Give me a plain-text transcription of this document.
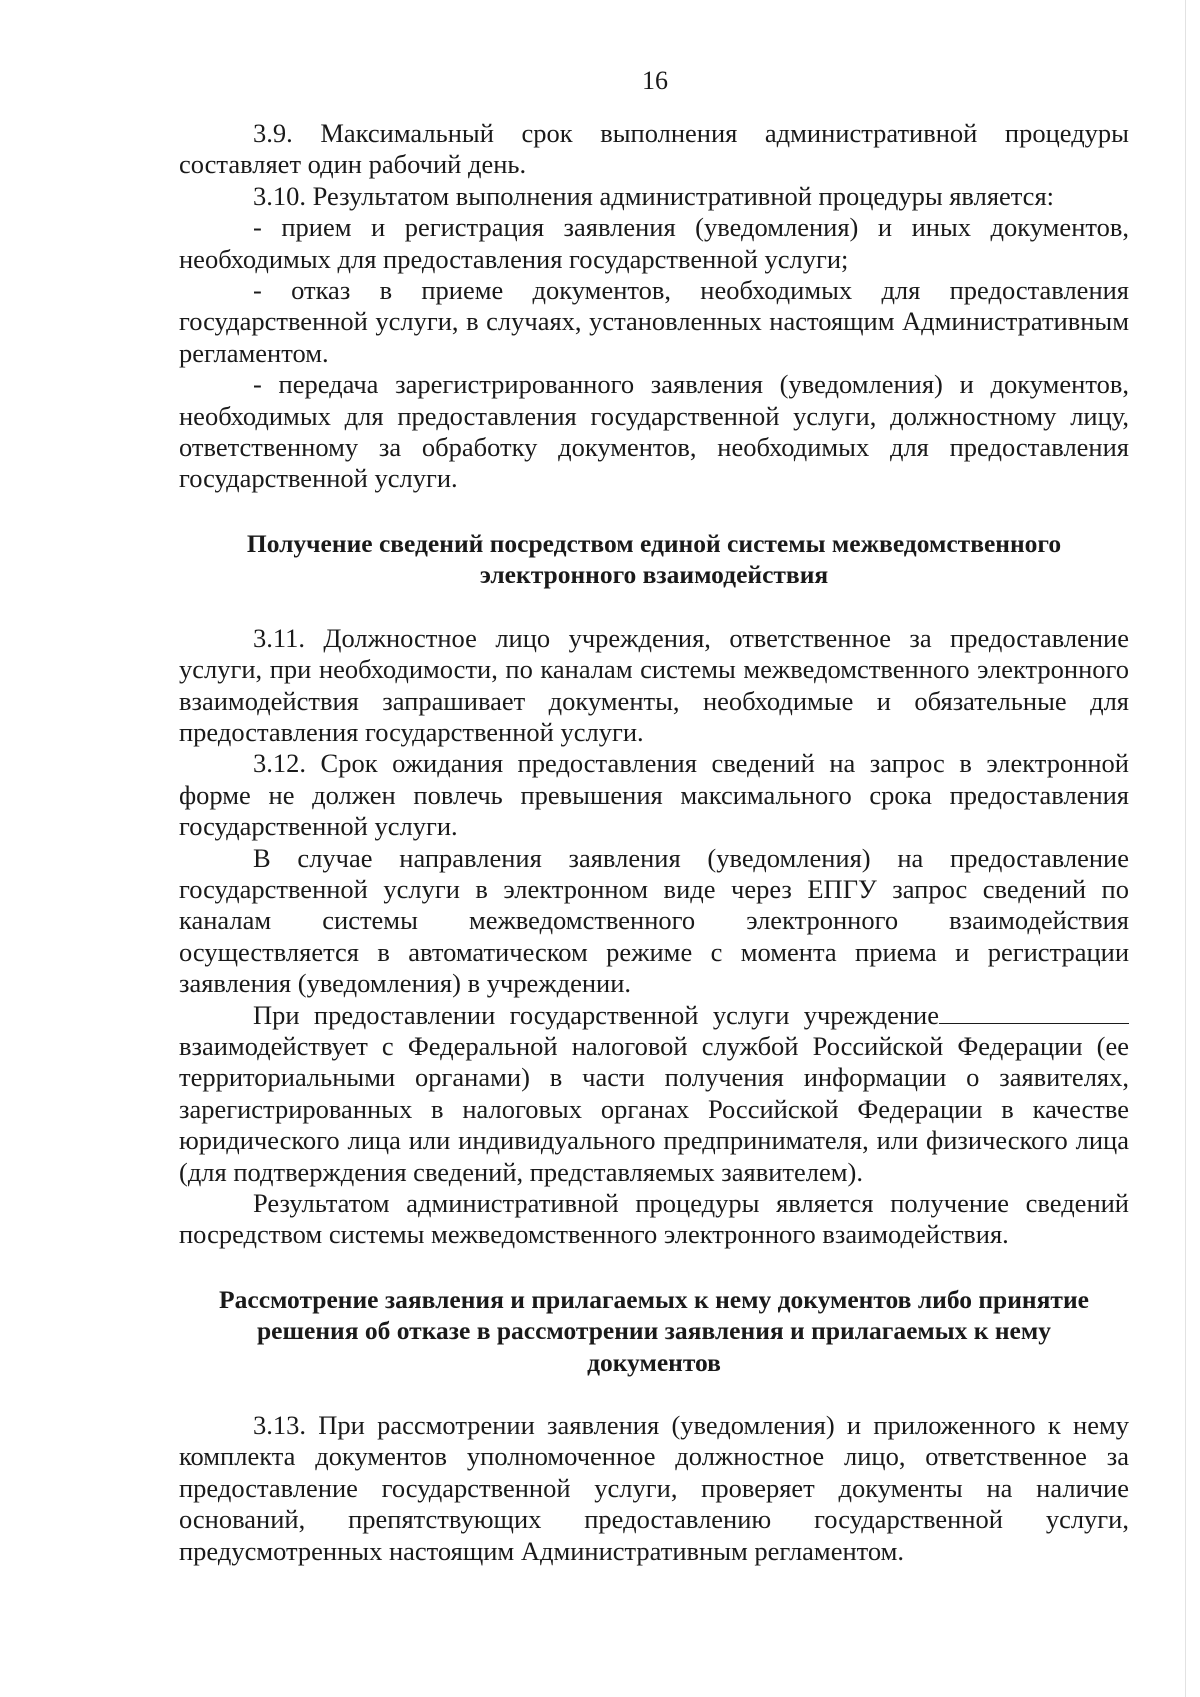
16

3.9. Максимальный срок выполнения административной процедуры составляет один рабочий день.

3.10. Результатом выполнения административной процедуры является:

- прием и регистрация заявления (уведомления) и иных документов, необходимых для предоставления государственной услуги;

- отказ в приеме документов, необходимых для предоставления государственной услуги, в случаях, установленных настоящим Административным регламентом.

- передача зарегистрированного заявления (уведомления) и документов, необходимых для предоставления государственной услуги, должностному лицу, ответственному за обработку документов, необходимых для предоставления государственной услуги.

Получение сведений посредством единой системы межведомственного электронного взаимодействия

3.11. Должностное лицо учреждения, ответственное за предоставление услуги, при необходимости, по каналам системы межведомственного электронного взаимодействия запрашивает документы, необходимые и обязательные для предоставления государственной услуги.

3.12. Срок ожидания предоставления сведений на запрос в электронной форме не должен повлечь превышения максимального срока предоставления государственной услуги.

В случае направления заявления (уведомления) на предоставление государственной услуги в электронном виде через ЕПГУ запрос сведений по каналам системы межведомственного электронного взаимодействия осуществляется в автоматическом режиме с момента приема и регистрации заявления (уведомления) в учреждении.

При предоставлении государственной услуги учреждение взаимодействует с Федеральной налоговой службой Российской Федерации (ее территориальными органами) в части получения информации о заявителях, зарегистрированных в налоговых органах Российской Федерации в качестве юридического лица или индивидуального предпринимателя, или физического лица (для подтверждения сведений, представляемых заявителем).

Результатом административной процедуры является получение сведений посредством системы межведомственного электронного взаимодействия.

Рассмотрение заявления и прилагаемых к нему документов либо принятие решения об отказе в рассмотрении заявления и прилагаемых к нему документов

3.13. При рассмотрении заявления (уведомления) и приложенного к нему комплекта документов уполномоченное должностное лицо, ответственное за предоставление государственной услуги, проверяет документы на наличие оснований, препятствующих предоставлению государственной услуги, предусмотренных настоящим Административным регламентом.
